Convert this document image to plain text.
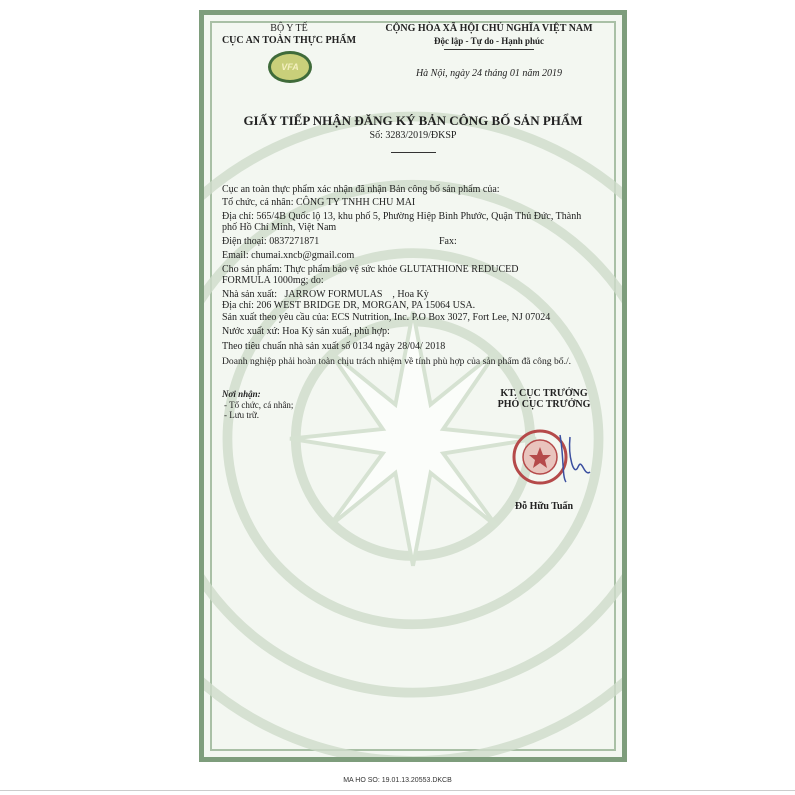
BỘ Y TẾ
CỤC AN TOÀN THỰC PHẨM
VFA
CỘNG HÒA XÃ HỘI CHỦ NGHĨA VIỆT NAM
Độc lập - Tự do - Hạnh phúc
Hà Nội, ngày 24 tháng 01 năm 2019
GIẤY TIẾP NHẬN ĐĂNG KÝ BẢN CÔNG BỐ SẢN PHẨM
Số: 3283/2019/ĐKSP
Cục an toàn thực phẩm xác nhận đã nhận Bản công bố sản phẩm của:
Tổ chức, cá nhân: CÔNG TY TNHH CHU MAI
Địa chỉ: 565/4B Quốc lộ 13, khu phố 5, Phường Hiệp Bình Phước, Quận Thủ Đức, Thành
phố Hồ Chí Minh, Việt Nam
Điện thoại: 0837271871	Fax:
Email: chumai.xncb@gmail.com
Cho sản phẩm: Thực phẩm bảo vệ sức khỏe GLUTATHIONE REDUCED
FORMULA 1000mg; do:
Nhà sản xuất:   JARROW FORMULAS    , Hoa Kỳ
Địa chỉ: 206 WEST BRIDGE DR, MORGAN, PA 15064 USA.
Sản xuất theo yêu cầu của: ECS Nutrition, Inc. P.O Box 3027, Fort Lee, NJ 07024
Nước xuất xứ: Hoa Kỳ sản xuất, phù hợp:
Theo tiêu chuẩn nhà sản xuất số 0134 ngày 28/04/ 2018
Doanh nghiệp phải hoàn toàn chịu trách nhiệm về tính phù hợp của sản phẩm đã công bố./.
Nơi nhận:
- Tổ chức, cá nhân;
- Lưu trữ.
KT. CỤC TRƯỞNG
PHÓ CỤC TRƯỞNG
Đỗ Hữu Tuấn
MA HO SO: 19.01.13.20553.DKCB
